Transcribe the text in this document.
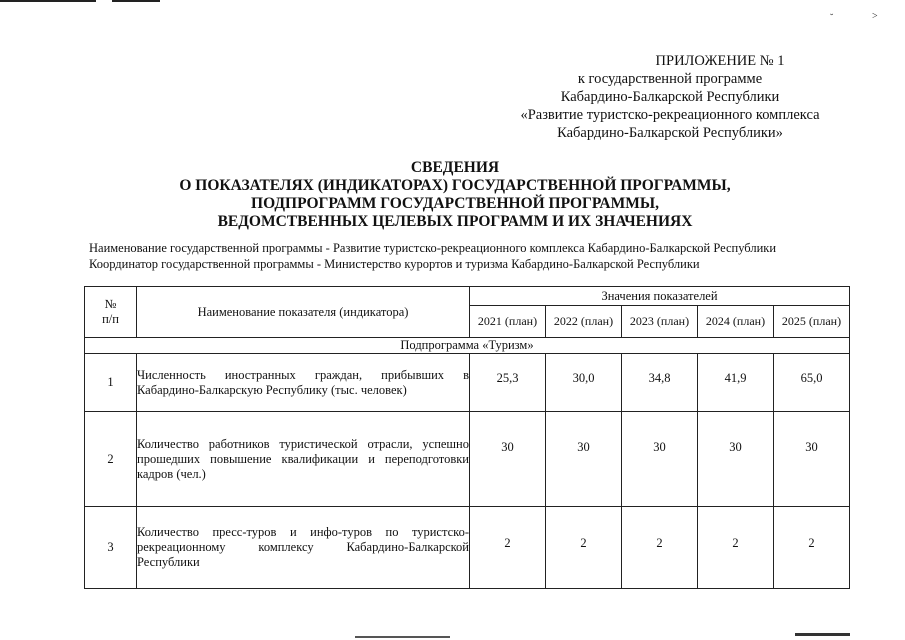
˘	˃
ПРИЛОЖЕНИЕ № 1
к государственной программе
Кабардино-Балкарской Республики
«Развитие туристско-рекреационного комплекса
Кабардино-Балкарской Республики»
СВЕДЕНИЯ
О ПОКАЗАТЕЛЯХ (ИНДИКАТОРАХ) ГОСУДАРСТВЕННОЙ ПРОГРАММЫ,
ПОДПРОГРАММ ГОСУДАРСТВЕННОЙ ПРОГРАММЫ,
ВЕДОМСТВЕННЫХ ЦЕЛЕВЫХ ПРОГРАММ И ИХ ЗНАЧЕНИЯХ
Наименование государственной программы - Развитие туристско-рекреационного комплекса Кабардино-Балкарской Республики
Координатор государственной программы - Министерство курортов и туризма Кабардино-Балкарской Республики
№
п/п	Наименование показателя (индикатора)	Значения показателей				
		2021 (план)	2022 (план)	2023 (план)	2024 (план)	2025 (план)
Подпрограмма «Туризм»						
1	Численность иностранных граждан, прибывших в Кабардино-Балкарскую Республику (тыс. человек)	25,3	30,0	34,8	41,9	65,0
2	Количество работников туристической отрасли, успешно прошедших повышение квалификации и переподготовки кадров (чел.)	30	30	30	30	30
3	Количество пресс-туров и инфо-туров по туристско-рекреационному комплексу Кабардино-Балкарской Республики	2	2	2	2	2
